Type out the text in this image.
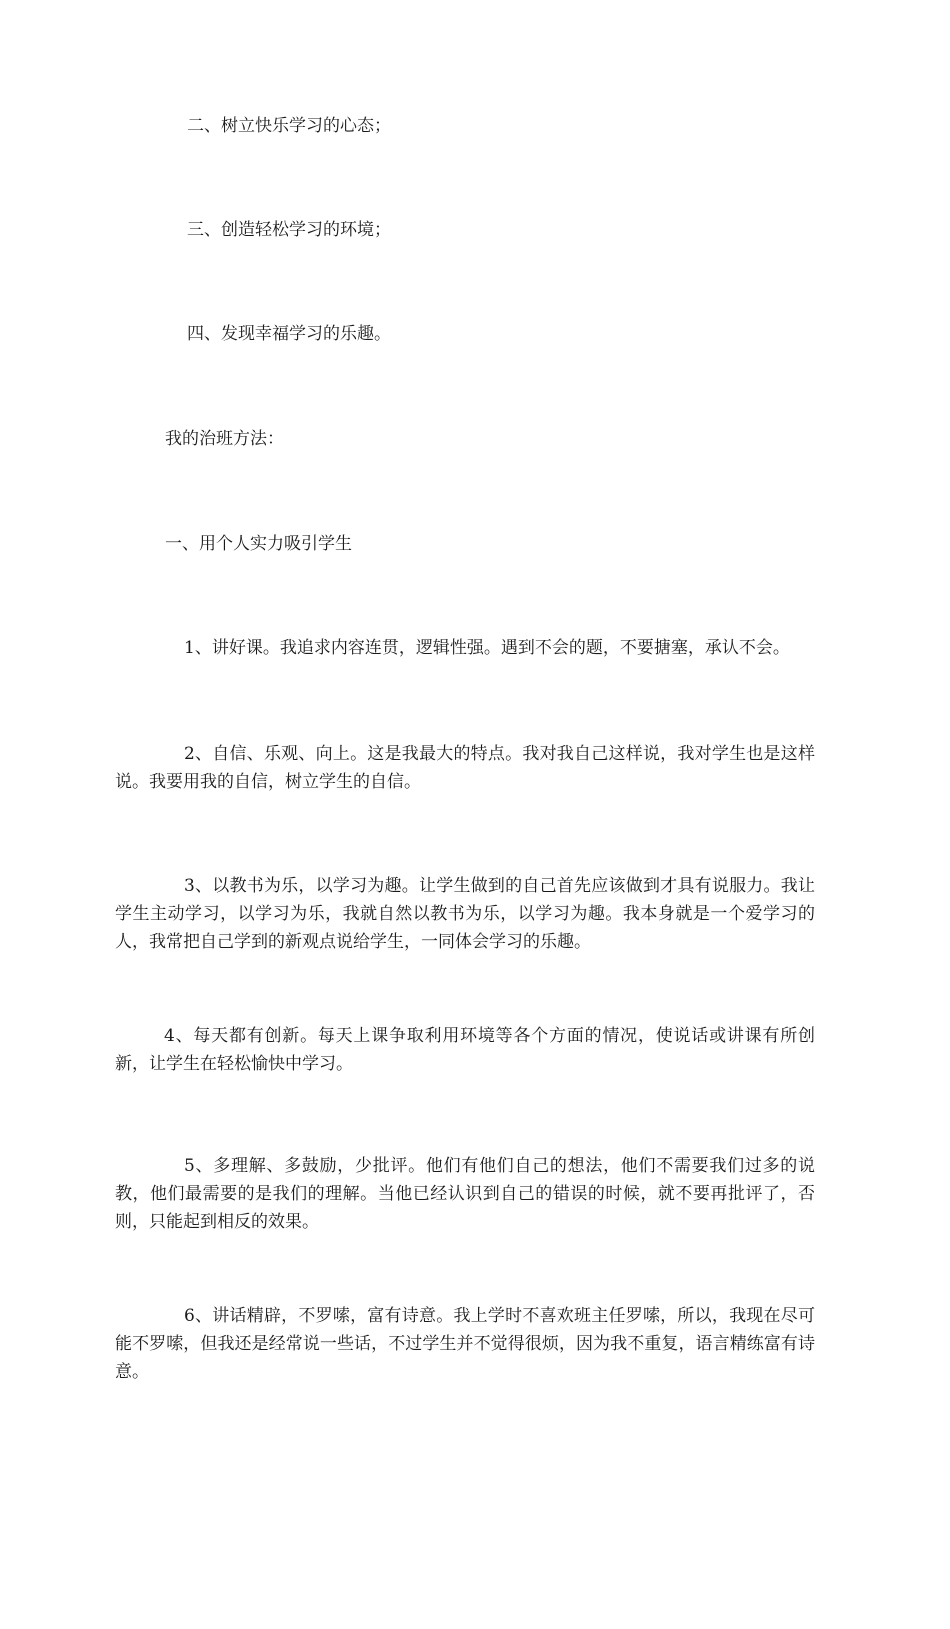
二、树立快乐学习的心态；

三、创造轻松学习的环境；

四、发现幸福学习的乐趣。

我的治班方法：

一、用个人实力吸引学生

1、讲好课。我追求内容连贯，逻辑性强。遇到不会的题，不要搪塞，承认不会。

2、自信、乐观、向上。这是我最大的特点。我对我自己这样说，我对学生也是这样说。我要用我的自信，树立学生的自信。

3、以教书为乐，以学习为趣。让学生做到的自己首先应该做到才具有说服力。我让学生主动学习，以学习为乐，我就自然以教书为乐，以学习为趣。我本身就是一个爱学习的人，我常把自己学到的新观点说给学生，一同体会学习的乐趣。

4、每天都有创新。每天上课争取利用环境等各个方面的情况，使说话或讲课有所创新，让学生在轻松愉快中学习。

5、多理解、多鼓励，少批评。他们有他们自己的想法，他们不需要我们过多的说教，他们最需要的是我们的理解。当他已经认识到自己的错误的时候，就不要再批评了，否则，只能起到相反的效果。

6、讲话精辟，不罗嗦，富有诗意。我上学时不喜欢班主任罗嗦，所以，我现在尽可能不罗嗦，但我还是经常说一些话，不过学生并不觉得很烦，因为我不重复，语言精练富有诗意。
